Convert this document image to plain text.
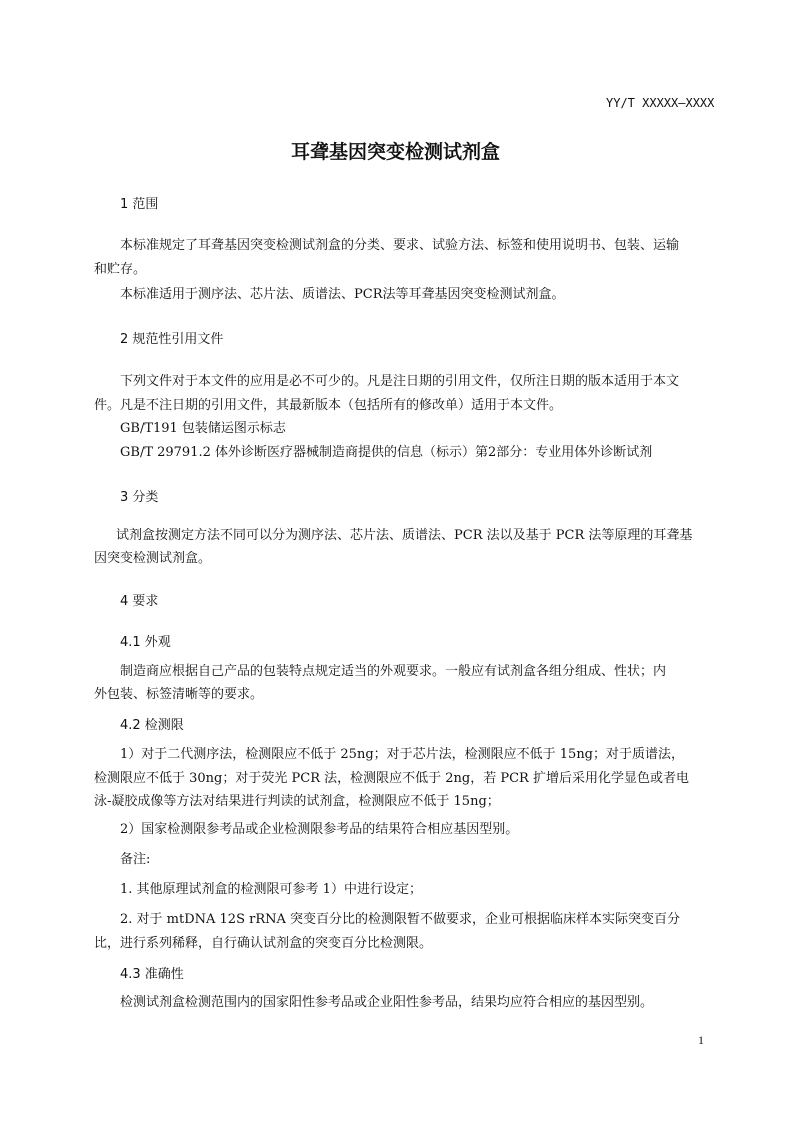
YY/T XXXXX—XXXX
耳聋基因突变检测试剂盒
1 范围
本标准规定了耳聋基因突变检测试剂盒的分类、要求、试验方法、标签和使用说明书、包装、运输
和贮存。
本标准适用于测序法、芯片法、质谱法、PCR法等耳聋基因突变检测试剂盒。
2 规范性引用文件
下列文件对于本文件的应用是必不可少的。凡是注日期的引用文件，仅所注日期的版本适用于本文
件。凡是不注日期的引用文件，其最新版本（包括所有的修改单）适用于本文件。
GB/T191 包装储运图示标志
GB/T 29791.2 体外诊断医疗器械制造商提供的信息（标示）第2部分：专业用体外诊断试剂
3 分类
试剂盒按测定方法不同可以分为测序法、芯片法、质谱法、PCR 法以及基于 PCR 法等原理的耳聋基
因突变检测试剂盒。
4 要求
4.1 外观
制造商应根据自己产品的包装特点规定适当的外观要求。一般应有试剂盒各组分组成、性状；内
外包装、标签清晰等的要求。
4.2 检测限
1）对于二代测序法，检测限应不低于 25ng；对于芯片法，检测限应不低于 15ng；对于质谱法，
检测限应不低于 30ng；对于荧光 PCR 法，检测限应不低于 2ng，若 PCR 扩增后采用化学显色或者电
泳-凝胶成像等方法对结果进行判读的试剂盒，检测限应不低于 15ng；
2）国家检测限参考品或企业检测限参考品的结果符合相应基因型别。
备注:
1. 其他原理试剂盒的检测限可参考 1）中进行设定；
2. 对于 mtDNA 12S rRNA 突变百分比的检测限暂不做要求，企业可根据临床样本实际突变百分
比，进行系列稀释，自行确认试剂盒的突变百分比检测限。
4.3 准确性
检测试剂盒检测范围内的国家阳性参考品或企业阳性参考品，结果均应符合相应的基因型别。
1
